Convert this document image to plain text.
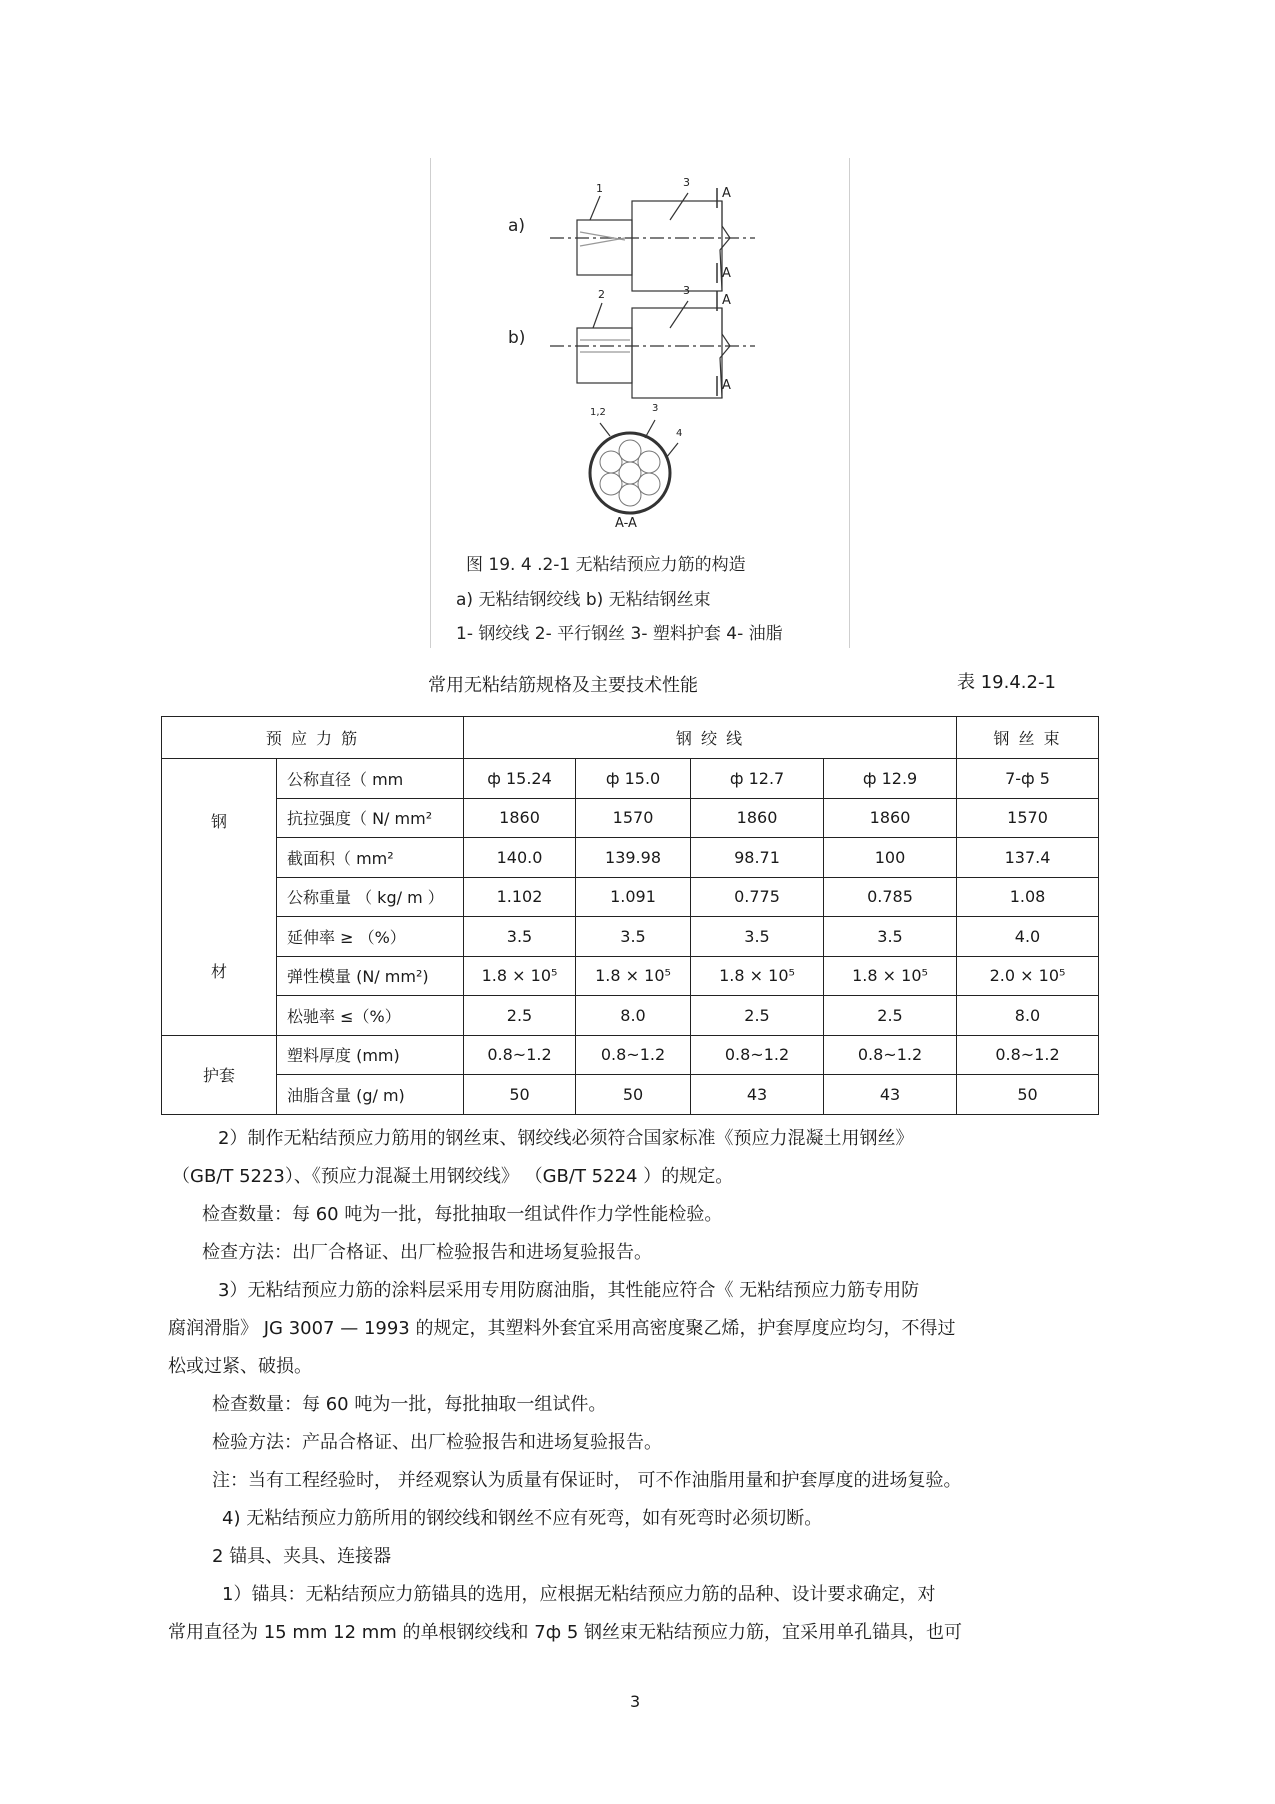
a)
b)
1	3
2	3
A
A
A
A
1,2	3
4
A-A
图 19. 4 .2-1 无粘结预应力筋的构造
a) 无粘结钢绞线 b) 无粘结钢丝束
1- 钢绞线 2- 平行钢丝 3- 塑料护套 4- 油脂
常用无粘结筋规格及主要技术性能	表 19.4.2-1
预 应 力 筋		钢 绞 线				钢 丝 束

钢
材	公称直径（ mm	ф 15.24	ф 15.0	ф 12.7	ф 12.9	7-ф 5
	抗拉强度（ N/ mm²	1860	1570	1860	1860	1570
	截面积（ mm²	140.0	139.98	98.71	100	137.4
	公称重量 （ kg/ m ）	1.102	1.091	0.775	0.785	1.08
	延伸率 ≥ （%）	3.5	3.5	3.5	3.5	4.0
	弹性模量 (N/ mm²)	1.8 × 10⁵	1.8 × 10⁵	1.8 × 10⁵	1.8 × 10⁵	2.0 × 10⁵
	松驰率 ≤（%）	2.5	8.0	2.5	2.5	8.0
护套	塑料厚度 (mm)	0.8~1.2	0.8~1.2	0.8~1.2	0.8~1.2	0.8~1.2
	油脂含量 (g/ m)	50	50	43	43	50
2）制作无粘结预应力筋用的钢丝束、钢绞线必须符合国家标准《预应力混凝土用钢丝》
（GB/T 5223）、《预应力混凝土用钢绞线》 （GB/T 5224 ）的规定。
检查数量：每 60 吨为一批，每批抽取一组试件作力学性能检验。
检查方法：出厂合格证、出厂检验报告和进场复验报告。
3）无粘结预应力筋的涂料层采用专用防腐油脂，其性能应符合《 无粘结预应力筋专用防
腐润滑脂》 JG 3007 — 1993 的规定，其塑料外套宜采用高密度聚乙烯，护套厚度应均匀，不得过
松或过紧、破损。
检查数量：每 60 吨为一批，每批抽取一组试件。
检验方法：产品合格证、出厂检验报告和进场复验报告。
注：当有工程经验时， 并经观察认为质量有保证时， 可不作油脂用量和护套厚度的进场复验。
4) 无粘结预应力筋所用的钢绞线和钢丝不应有死弯，如有死弯时必须切断。
2 锚具、夹具、连接器
1）锚具：无粘结预应力筋锚具的选用，应根据无粘结预应力筋的品种、设计要求确定，对
常用直径为 15 mm 12 mm 的单根钢绞线和 7ф 5 钢丝束无粘结预应力筋，宜采用单孔锚具，也可
3
